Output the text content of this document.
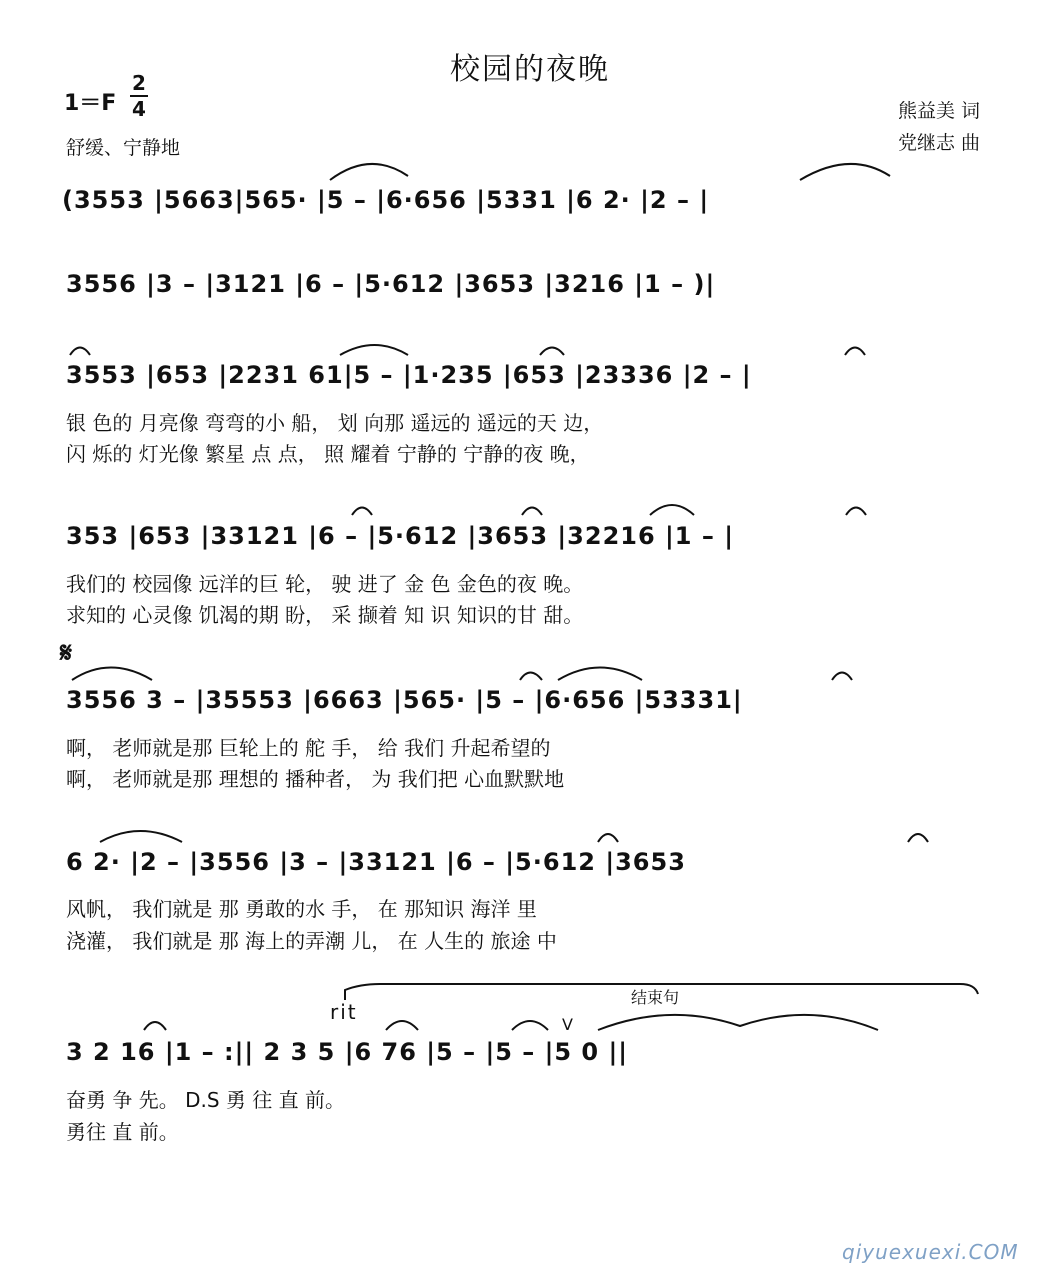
校园的夜晚
1＝F
2
4
舒缓、宁静地
熊益美 词
党继志 曲
(3553 |5663|565· |5 – |6·656 |5331 |6 2· |2 – |
3556 |3 – |3121 |6 – |5·612 |3653 |3216 |1 – )|
3553 |653 |2231 61|5 – |1·235 |653 |23336 |2 – |
银 色的 月亮像 弯弯的小 船， 划 向那 遥远的 遥远的天 边，
闪 烁的 灯光像 繁星 点 点， 照 耀着 宁静的 宁静的夜 晚，
353 |653 |33121 |6 – |5·612 |3653 |32216 |1 – |
我们的 校园像 远洋的巨 轮， 驶 进了 金 色 金色的夜 晚。
求知的 心灵像 饥渴的期 盼， 采 撷着 知 识 知识的甘 甜。
𝄋
3556 3 – |35553 |6663 |565· |5 – |6·656 |53331|
啊， 老师就是那 巨轮上的 舵 手， 给 我们 升起希望的
啊， 老师就是那 理想的 播种者， 为 我们把 心血默默地
6 2· |2 – |3556 |3 – |33121 |6 – |5·612 |3653
风帆， 我们就是 那 勇敢的水 手， 在 那知识 海洋 里
浇灌， 我们就是 那 海上的弄潮 儿， 在 人生的 旅途 中
结束句
rit
V
3 2 16 |1 – :|| 2 3 5 |6 76 |5 – |5 – |5 0 ||
奋勇 争 先。 D.S 勇 往 直 前。
勇往 直 前。
qiyuexuexi.COM
